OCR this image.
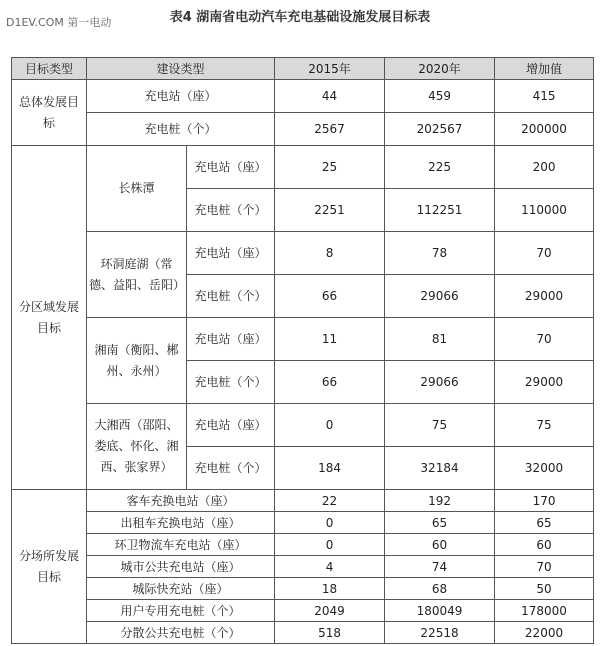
D1EV.COM 第一电动	表4 湖南省电动汽车充电基础设施发展目标表
目标类型	建设类型		2015年	2020年	增加值
总体发展目标	充电站（座）		44	459	415
	充电桩（个）		2567	202567	200000
分区域发展目标	长株潭	充电站（座）	25	225	200
		充电桩（个）	2251	112251	110000
	环洞庭湖（常德、益阳、岳阳）	充电站（座）	8	78	70
		充电桩（个）	66	29066	29000
	湘南（衡阳、郴州、永州）	充电站（座）	11	81	70
		充电桩（个）	66	29066	29000
	大湘西（邵阳、娄底、怀化、湘西、张家界）	充电站（座）	0	75	75
		充电桩（个）	184	32184	32000
分场所发展目标	客车充换电站（座）		22	192	170
	出租车充换电站（座）		0	65	65
	环卫物流车充电站（座）		0	60	60
	城市公共充电站（座）		4	74	70
	城际快充站（座）		18	68	50
	用户专用充电桩（个）		2049	180049	178000
	分散公共充电桩（个）		518	22518	22000
